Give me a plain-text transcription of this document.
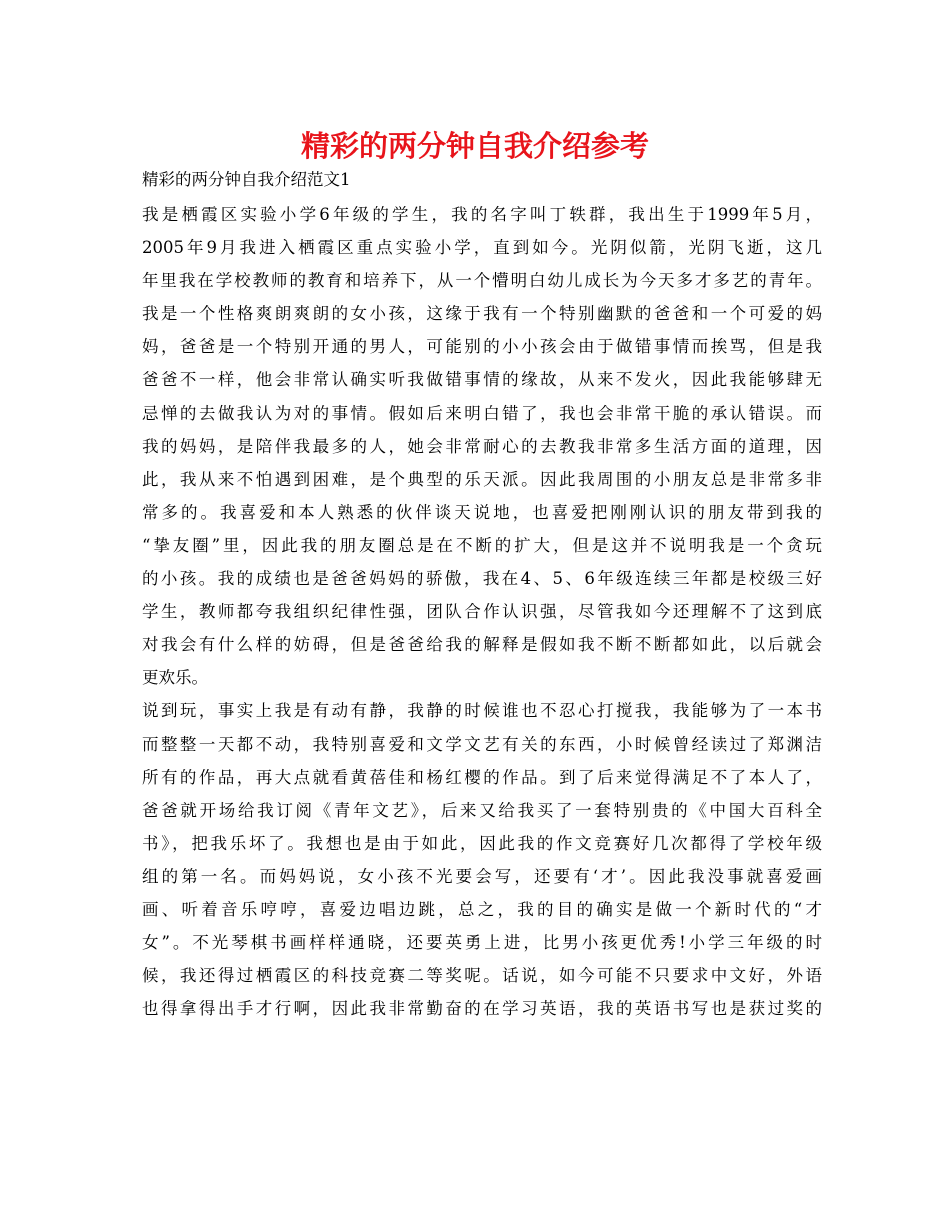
精彩的两分钟自我介绍参考

精彩的两分钟自我介绍范文1

我是栖霞区实验小学6年级的学生，我的名字叫丁轶群，我出生于1999年5月，
2005年9月我进入栖霞区重点实验小学，直到如今。光阴似箭，光阴飞逝，这几
年里我在学校教师的教育和培养下，从一个懵明白幼儿成长为今天多才多艺的青年。
我是一个性格爽朗爽朗的女小孩，这缘于我有一个特别幽默的爸爸和一个可爱的妈
妈，爸爸是一个特别开通的男人，可能别的小小孩会由于做错事情而挨骂，但是我
爸爸不一样，他会非常认确实听我做错事情的缘故，从来不发火，因此我能够肆无
忌惮的去做我认为对的事情。假如后来明白错了，我也会非常干脆的承认错误。而
我的妈妈，是陪伴我最多的人，她会非常耐心的去教我非常多生活方面的道理，因
此，我从来不怕遇到困难，是个典型的乐天派。因此我周围的小朋友总是非常多非
常多的。我喜爱和本人熟悉的伙伴谈天说地，也喜爱把刚刚认识的朋友带到我的
“挚友圈”里，因此我的朋友圈总是在不断的扩大，但是这并不说明我是一个贪玩
的小孩。我的成绩也是爸爸妈妈的骄傲，我在4、5、6年级连续三年都是校级三好
学生，教师都夸我组织纪律性强，团队合作认识强，尽管我如今还理解不了这到底
对我会有什么样的妨碍，但是爸爸给我的解释是假如我不断不断都如此，以后就会
更欢乐。
说到玩，事实上我是有动有静，我静的时候谁也不忍心打搅我，我能够为了一本书
而整整一天都不动，我特别喜爱和文学文艺有关的东西，小时候曾经读过了郑渊洁
所有的作品，再大点就看黄蓓佳和杨红樱的作品。到了后来觉得满足不了本人了，
爸爸就开场给我订阅《青年文艺》，后来又给我买了一套特别贵的《中国大百科全
书》，把我乐坏了。我想也是由于如此，因此我的作文竞赛好几次都得了学校年级
组的第一名。而妈妈说，女小孩不光要会写，还要有‘才’。因此我没事就喜爱画
画、听着音乐哼哼，喜爱边唱边跳，总之，我的目的确实是做一个新时代的“才
女”。不光琴棋书画样样通晓，还要英勇上进，比男小孩更优秀!小学三年级的时
候，我还得过栖霞区的科技竞赛二等奖呢。话说，如今可能不只要求中文好，外语
也得拿得出手才行啊，因此我非常勤奋的在学习英语，我的英语书写也是获过奖的
